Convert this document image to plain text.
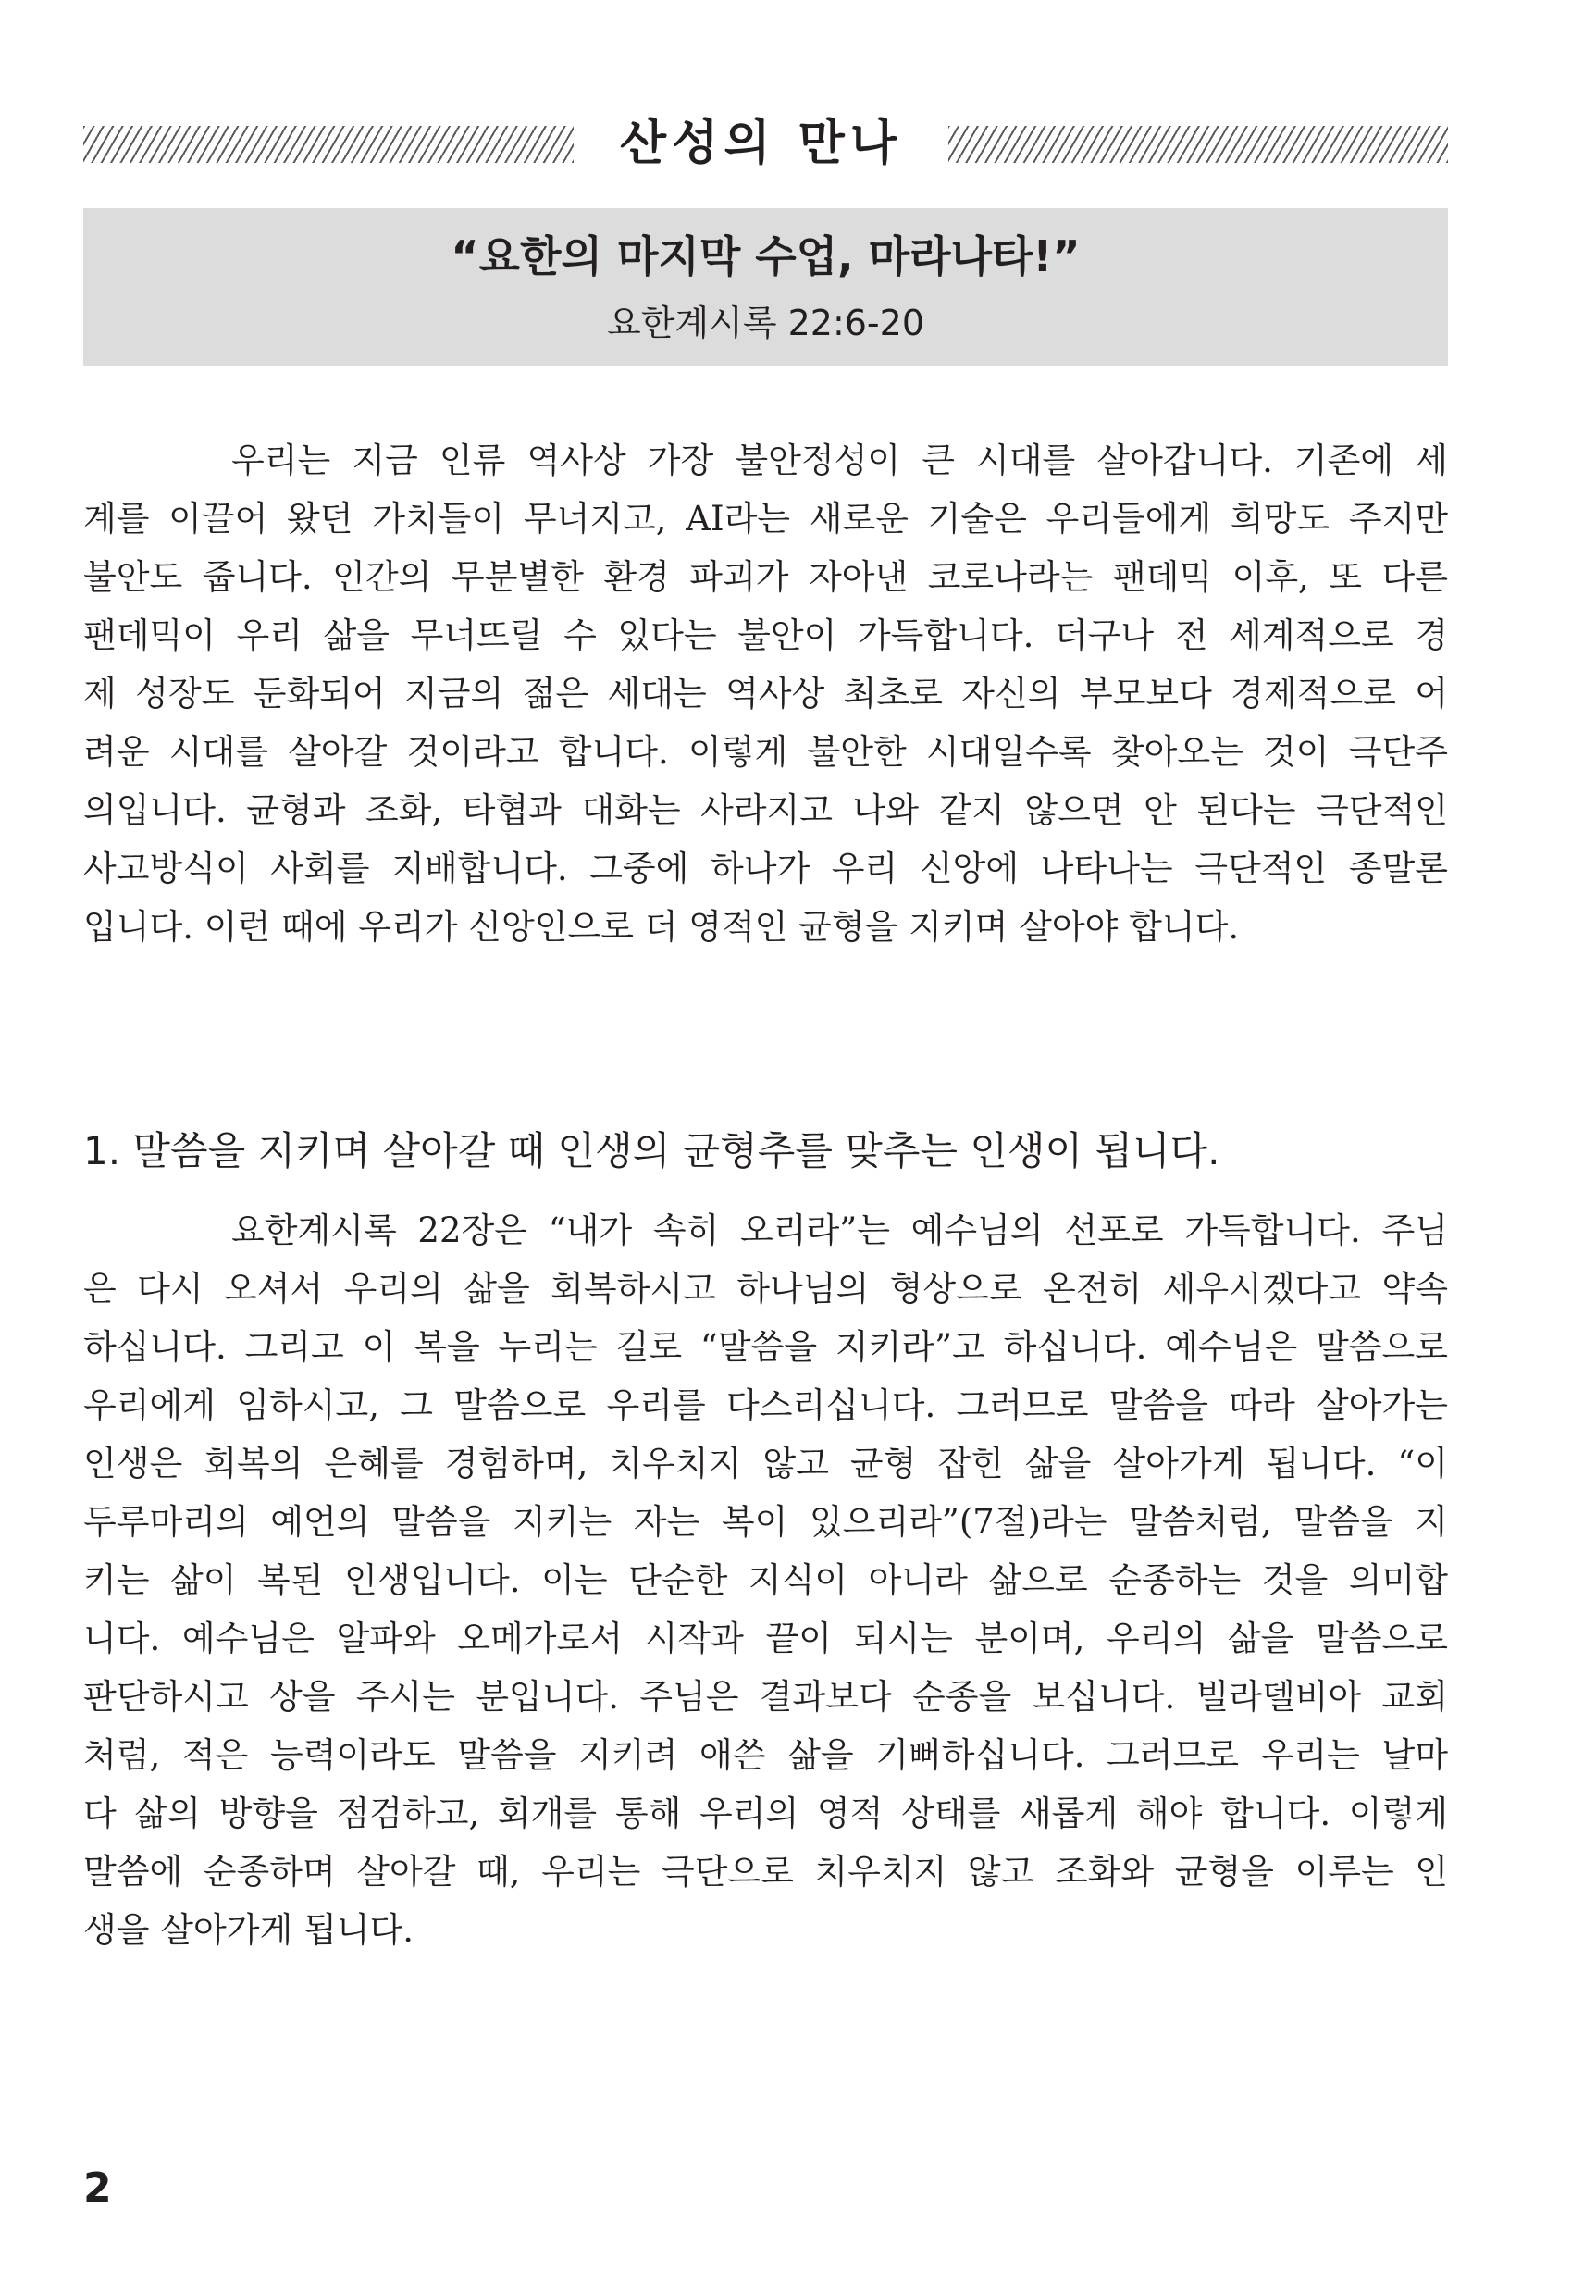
산성의 만나
“요한의 마지막 수업, 마라나타!”
요한계시록 22:6-20

우리는 지금 인류 역사상 가장 불안정성이 큰 시대를 살아갑니다. 기존에 세
계를 이끌어 왔던 가치들이 무너지고, AI라는 새로운 기술은 우리들에게 희망도 주지만
불안도 줍니다. 인간의 무분별한 환경 파괴가 자아낸 코로나라는 팬데믹 이후, 또 다른
팬데믹이 우리 삶을 무너뜨릴 수 있다는 불안이 가득합니다. 더구나 전 세계적으로 경
제 성장도 둔화되어 지금의 젊은 세대는 역사상 최초로 자신의 부모보다 경제적으로 어
려운 시대를 살아갈 것이라고 합니다. 이렇게 불안한 시대일수록 찾아오는 것이 극단주
의입니다. 균형과 조화, 타협과 대화는 사라지고 나와 같지 않으면 안 된다는 극단적인
사고방식이 사회를 지배합니다. 그중에 하나가 우리 신앙에 나타나는 극단적인 종말론
입니다. 이런 때에 우리가 신앙인으로 더 영적인 균형을 지키며 살아야 합니다.

1. 말씀을 지키며 살아갈 때 인생의 균형추를 맞추는 인생이 됩니다.

요한계시록 22장은 “내가 속히 오리라”는 예수님의 선포로 가득합니다. 주님
은 다시 오셔서 우리의 삶을 회복하시고 하나님의 형상으로 온전히 세우시겠다고 약속
하십니다. 그리고 이 복을 누리는 길로 “말씀을 지키라”고 하십니다. 예수님은 말씀으로
우리에게 임하시고, 그 말씀으로 우리를 다스리십니다. 그러므로 말씀을 따라 살아가는
인생은 회복의 은혜를 경험하며, 치우치지 않고 균형 잡힌 삶을 살아가게 됩니다. “이
두루마리의 예언의 말씀을 지키는 자는 복이 있으리라”(7절)라는 말씀처럼, 말씀을 지
키는 삶이 복된 인생입니다. 이는 단순한 지식이 아니라 삶으로 순종하는 것을 의미합
니다. 예수님은 알파와 오메가로서 시작과 끝이 되시는 분이며, 우리의 삶을 말씀으로
판단하시고 상을 주시는 분입니다. 주님은 결과보다 순종을 보십니다. 빌라델비아 교회
처럼, 적은 능력이라도 말씀을 지키려 애쓴 삶을 기뻐하십니다. 그러므로 우리는 날마
다 삶의 방향을 점검하고, 회개를 통해 우리의 영적 상태를 새롭게 해야 합니다. 이렇게
말씀에 순종하며 살아갈 때, 우리는 극단으로 치우치지 않고 조화와 균형을 이루는 인
생을 살아가게 됩니다.

2
